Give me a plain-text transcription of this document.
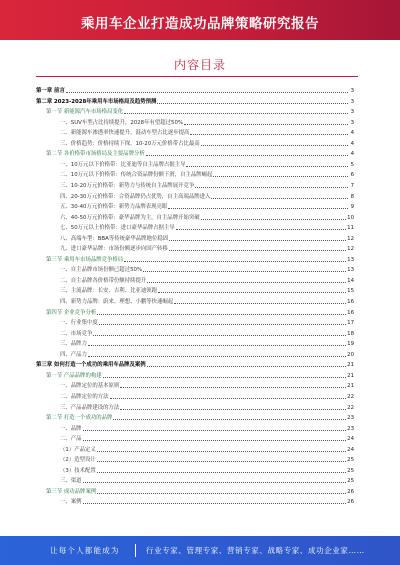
乘用车企业打造成功品牌策略研究报告
内容目录
第一章 前言	3
第二章 2023-2028年乘用车市场格局及趋势预测	3
第一节 新能源汽车市场格局变化	3
一、SUV车型占比持续提升，2028年有望超过50%	3
二、新能源车渗透率快速提升，混动车型占比逐步提高	4
三、价格趋势：价格持续下探，10-20万元价格带占比最高	4
第二节 各价格带市场格局及主要品牌分析	4
一、10万元以下价格带：比亚迪等自主品牌占据主导	5
二、10万元以下价格带：传统合资品牌份额下滑，自主品牌崛起	6
三、10-20万元价格带：新势力与传统自主品牌展开竞争	7
四、20-30万元价格带：合资品牌仍占优势，自主高端品牌进入	8
五、30-40万元价格带：新势力品牌表现亮眼	9
六、40-50万元价格带：豪华品牌为主，自主品牌开始突破	10
七、50万元以上价格带：进口豪华品牌占据主导	11
八、高端车型：BBA等传统豪华品牌地位稳固	12
九、进口豪华品牌：市场份额逐步向国产转移	12
第三节 乘用车市场品牌竞争格局	13
一、自主品牌市场份额已超过50%	13
二、自主品牌各价格带份额持续提升	14
三、主流品牌：长安、吉利、比亚迪领跑	15
四、新势力品牌：蔚来、理想、小鹏等快速崛起	16
第四节 企业竞争分析	16
一、行业集中度	17
二、市场竞争	18
三、品牌力	19
四、产品力	20
第三章 如何打造一个成功的乘用车品牌及案例	21
第一节 产品品牌的构建	21
一、品牌定位的基本原则	21
二、品牌定位的方法	22
三、产品品牌建设的方法	22
第二节 打造一个成功的品牌	23
一、品牌	23
二、产品	24
（1）产品定义	24
（2）造型设计	25
（3）技术配置	25
三、渠道	25
第三节 成功品牌案例	26
一、案例	26
让每个人都能成为	行业专家、管理专家、营销专家、战略专家、成功企业家……
